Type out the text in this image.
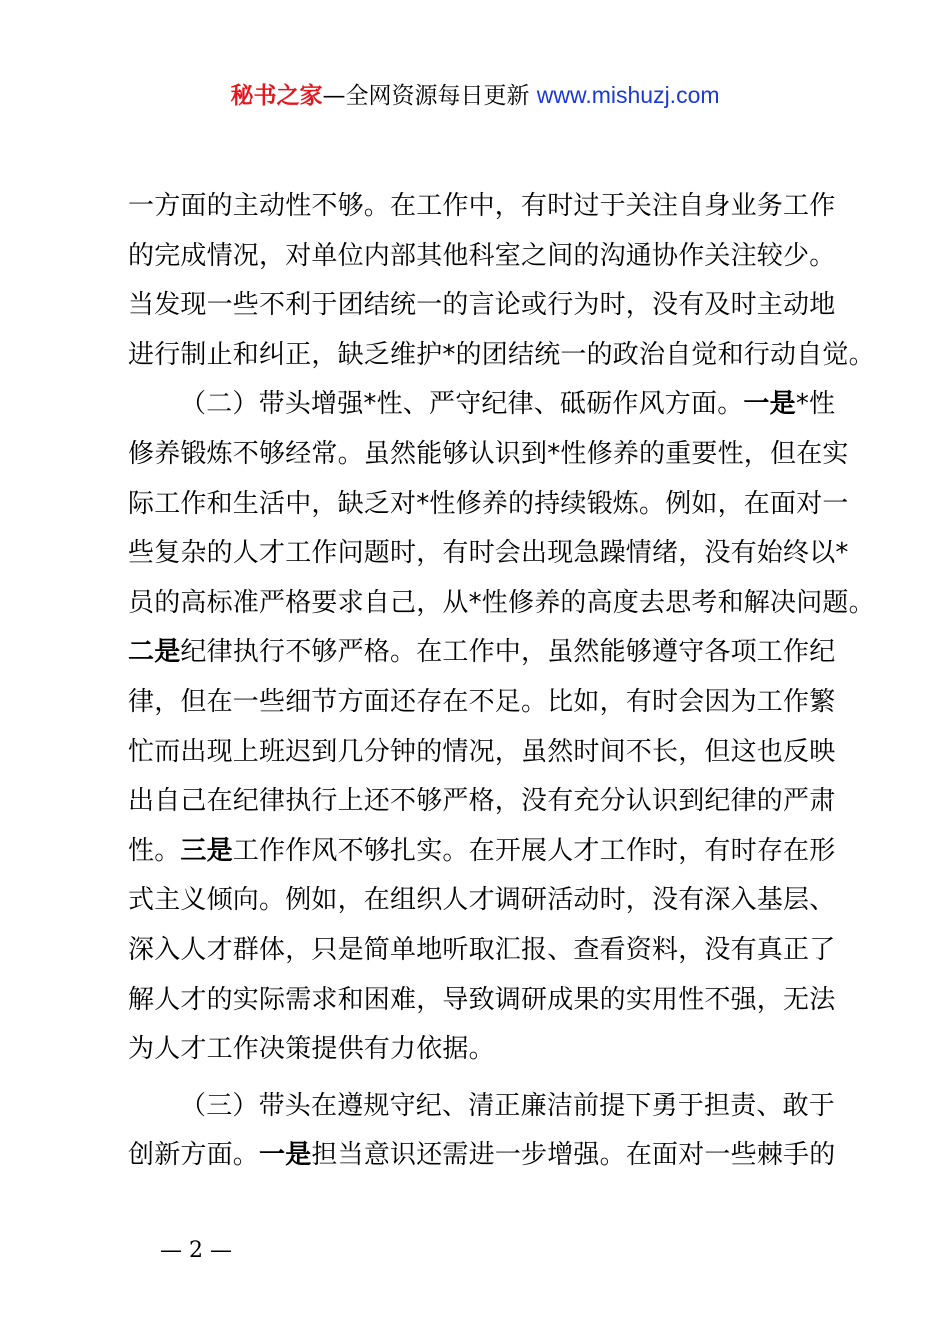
秘书之家—全网资源每日更新 www.mishuzj.com
一方面的主动性不够。在工作中，有时过于关注自身业务工作
的完成情况，对单位内部其他科室之间的沟通协作关注较少。
当发现一些不利于团结统一的言论或行为时，没有及时主动地
进行制止和纠正，缺乏维护*的团结统一的政治自觉和行动自觉。
（二）带头增强*性、严守纪律、砥砺作风方面。一是*性
修养锻炼不够经常。虽然能够认识到*性修养的重要性，但在实
际工作和生活中，缺乏对*性修养的持续锻炼。例如，在面对一
些复杂的人才工作问题时，有时会出现急躁情绪，没有始终以*
员的高标准严格要求自己，从*性修养的高度去思考和解决问题。
二是纪律执行不够严格。在工作中，虽然能够遵守各项工作纪
律，但在一些细节方面还存在不足。比如，有时会因为工作繁
忙而出现上班迟到几分钟的情况，虽然时间不长，但这也反映
出自己在纪律执行上还不够严格，没有充分认识到纪律的严肃
性。三是工作作风不够扎实。在开展人才工作时，有时存在形
式主义倾向。例如，在组织人才调研活动时，没有深入基层、
深入人才群体，只是简单地听取汇报、查看资料，没有真正了
解人才的实际需求和困难，导致调研成果的实用性不强，无法
为人才工作决策提供有力依据。
（三）带头在遵规守纪、清正廉洁前提下勇于担责、敢于
创新方面。一是担当意识还需进一步增强。在面对一些棘手的
— 2 —
